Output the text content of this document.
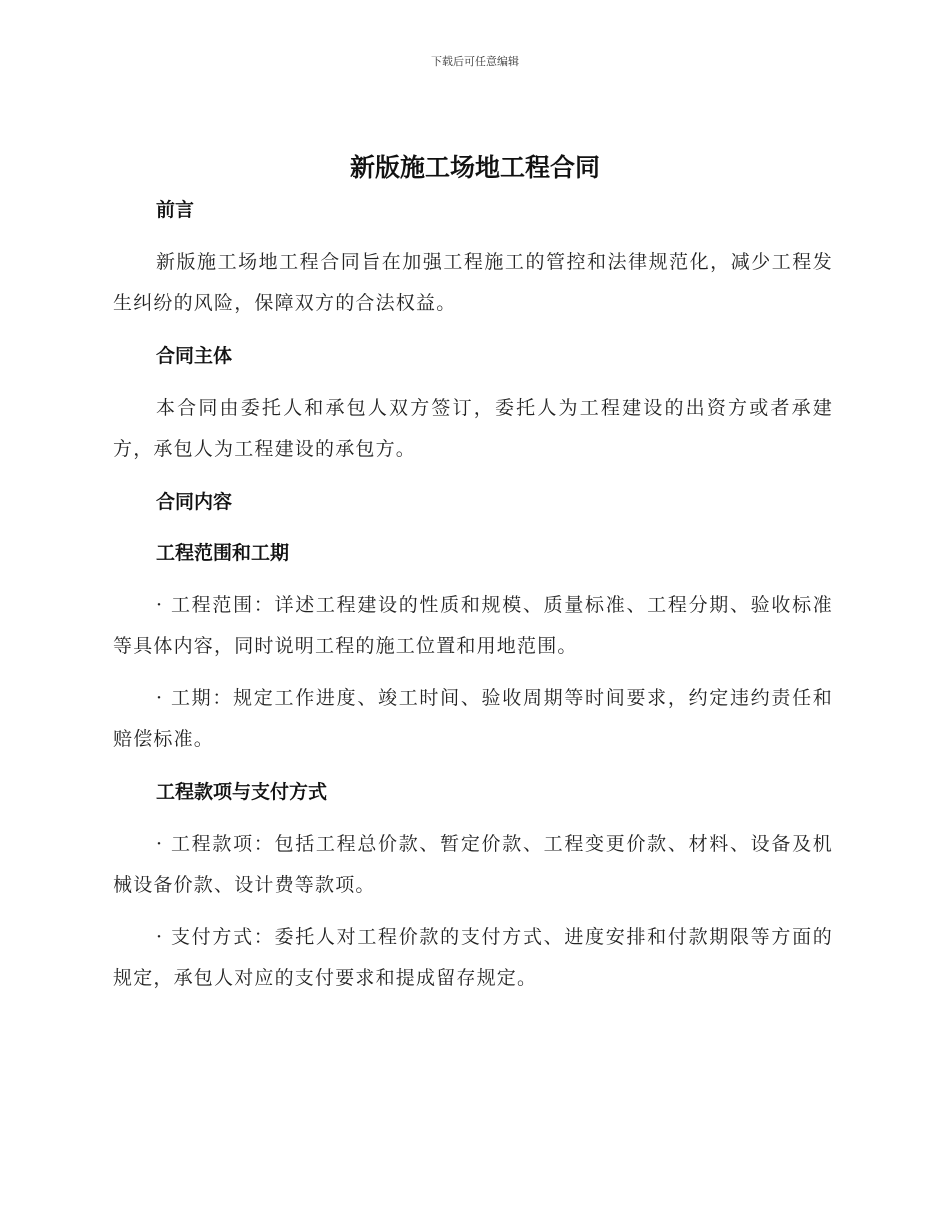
下载后可任意编辑
新版施工场地工程合同

前言

新版施工场地工程合同旨在加强工程施工的管控和法律规范化，减少工程发生纠纷的风险，保障双方的合法权益。

合同主体

本合同由委托人和承包人双方签订，委托人为工程建设的出资方或者承建方，承包人为工程建设的承包方。

合同内容

工程范围和工期

· 工程范围：详述工程建设的性质和规模、质量标准、工程分期、验收标准等具体内容，同时说明工程的施工位置和用地范围。

· 工期：规定工作进度、竣工时间、验收周期等时间要求，约定违约责任和赔偿标准。

工程款项与支付方式

· 工程款项：包括工程总价款、暂定价款、工程变更价款、材料、设备及机械设备价款、设计费等款项。

· 支付方式：委托人对工程价款的支付方式、进度安排和付款期限等方面的规定，承包人对应的支付要求和提成留存规定。
